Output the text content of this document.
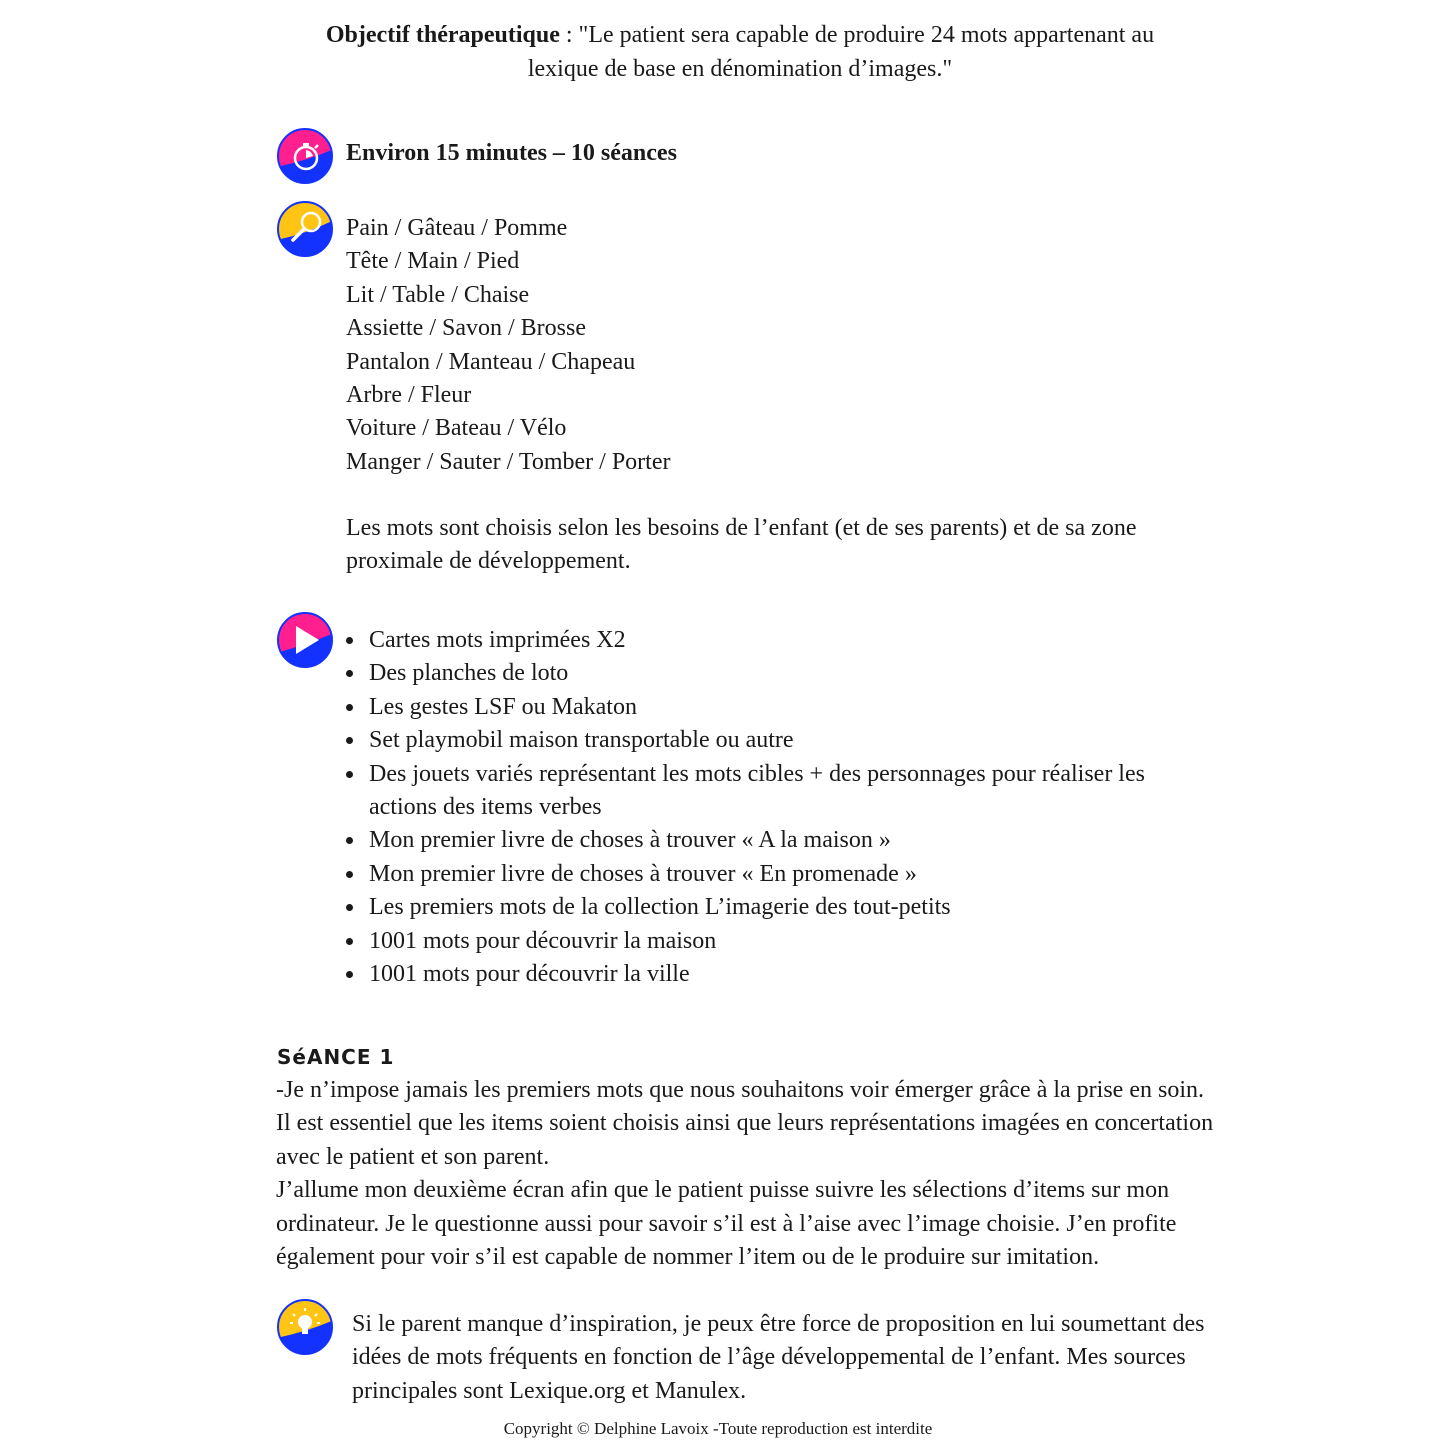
Objectif thérapeutique : "Le patient sera capable de produire 24 mots appartenant au lexique de base en dénomination d’images."
Environ 15 minutes – 10 séances
Pain / Gâteau / Pomme
Tête / Main / Pied
Lit / Table / Chaise
Assiette / Savon / Brosse
Pantalon / Manteau / Chapeau
Arbre / Fleur
Voiture / Bateau / Vélo
Manger / Sauter / Tomber / Porter
Les mots sont choisis selon les besoins de l’enfant (et de ses parents) et de sa zone proximale de développement.
Cartes mots imprimées X2
Des planches de loto
Les gestes LSF ou Makaton
Set playmobil maison transportable ou autre
Des jouets variés représentant les mots cibles + des personnages pour réaliser les actions des items verbes
Mon premier livre de choses à trouver « A la maison »
Mon premier livre de choses à trouver « En promenade »
Les premiers mots de la collection L’imagerie des tout-petits
1001 mots pour découvrir la maison
1001 mots pour découvrir la ville
SéANCE 1
-Je n’impose jamais les premiers mots que nous souhaitons voir émerger grâce à la prise en soin. Il est essentiel que les items soient choisis ainsi que leurs représentations imagées en concertation avec le patient et son parent.
J’allume mon deuxième écran afin que le patient puisse suivre les sélections d’items sur mon ordinateur. Je le questionne aussi pour savoir s’il est à l’aise avec l’image choisie. J’en profite également pour voir s’il est capable de nommer l’item ou de le produire sur imitation.
Si le parent manque d’inspiration, je peux être force de proposition en lui soumettant des idées de mots fréquents en fonction de l’âge développemental de l’enfant. Mes sources principales sont Lexique.org et Manulex.
Copyright © Delphine Lavoix -Toute reproduction est interdite
